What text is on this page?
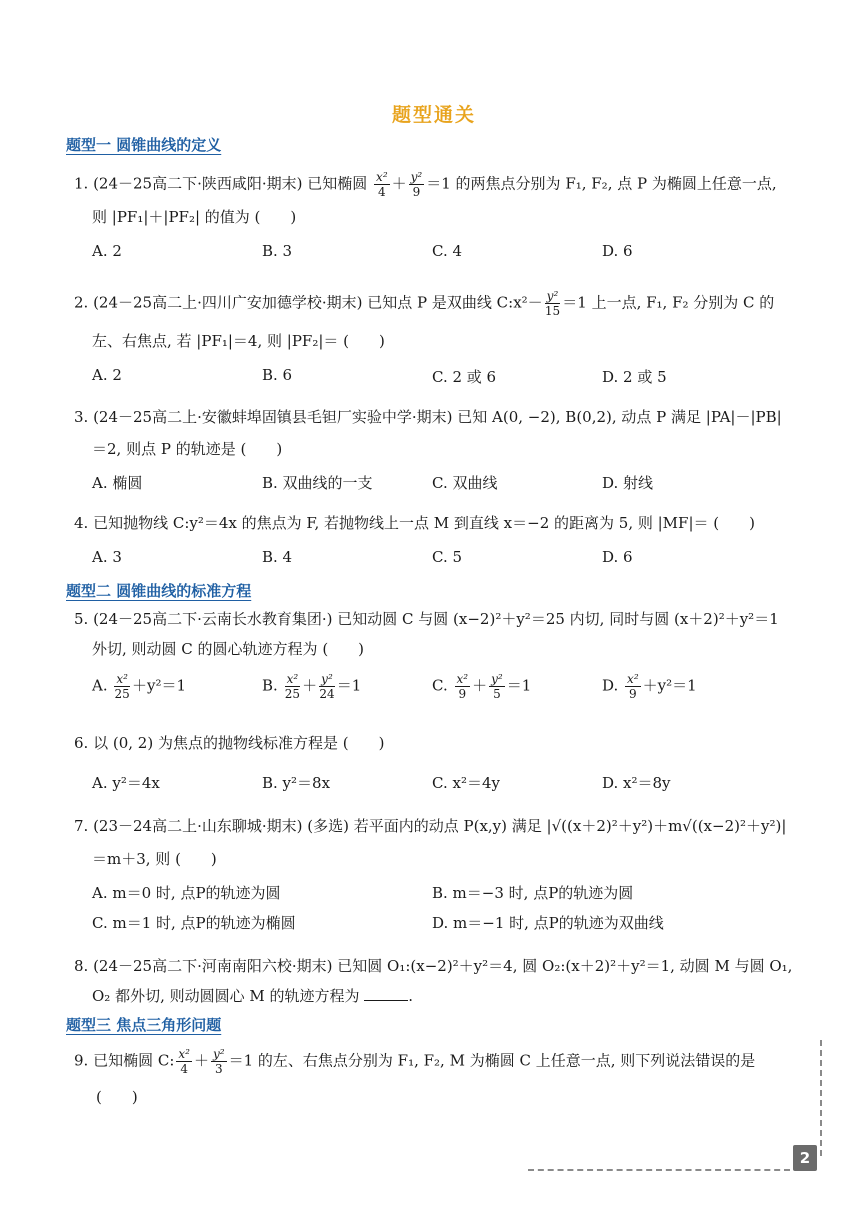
题型通关
题型一 圆锥曲线的定义
1. (24－25高二下·陕西咸阳·期末) 已知椭圆 $\frac{\text{x²}}{4} + \frac{\text{y²}}{9} =1$ 的两焦点分别为 F₁, F₂, 点 P 为椭圆上任意一点,
则 |PF₁|＋|PF₂| 的值为 (　　)
A. 2	B. 3	C. 4	D. 6
2. (24－25高二上·四川广安加德学校·期末) 已知点 P 是双曲线 C:x²－ $\frac{\text{y²}}{15} =1$ 上一点, F₁, F₂ 分别为 C 的
左、右焦点, 若 |PF₁|＝4, 则 |PF₂|＝ (　　)
A. 2	B. 6	C. 2 或 6	D. 2 或 5
3. (24－25高二上·安徽蚌埠固镇县毛钽厂实验中学·期末) 已知 A(0, −2), B(0,2), 动点 P 满足 |PA|－|PB|
＝2, 则点 P 的轨迹是 (　　)
A. 椭圆	B. 双曲线的一支	C. 双曲线	D. 射线
4. 已知抛物线 C:y²＝4x 的焦点为 F, 若抛物线上一点 M 到直线 x＝−2 的距离为 5, 则 |MF|＝ (　　)
A. 3	B. 4	C. 5	D. 6
题型二 圆锥曲线的标准方程
5. (24－25高二下·云南长水教育集团·) 已知动圆 C 与圆 (x−2)²＋y²＝25 内切, 同时与圆 (x＋2)²＋y²＝1
外切, 则动圆 C 的圆心轨迹方程为 (　　)
A. $\frac{\text{x²}}{25} +y^2=1$	B. $\frac{\text{x²}}{25} + \frac{\text{y²}}{24} =1$	C. $\frac{\text{x²}}{9} + \frac{\text{y²}}{5} =1$	D. $\frac{\text{x²}}{9} +y^2=1$
6. 以 (0, 2) 为焦点的抛物线标准方程是 (　　)
A. y²＝4x	B. y²＝8x	C. x²＝4y	D. x²＝8y
7. (23－24高二上·山东聊城·期末) (多选) 若平面内的动点 P(x,y) 满足 |√((x＋2)²＋y²)＋m√((x−2)²＋y²)|
＝m＋3, 则 (　　)
A. m＝0 时, 点P的轨迹为圆	B. m＝−3 时, 点P的轨迹为圆
C. m＝1 时, 点P的轨迹为椭圆	D. m＝−1 时, 点P的轨迹为双曲线
8. (24－25高二下·河南南阳六校·期末) 已知圆 O₁:(x−2)²＋y²＝4, 圆 O₂:(x＋2)²＋y²＝1, 动圆 M 与圆 O₁,
O₂ 都外切, 则动圆圆心 M 的轨迹方程为	.
题型三 焦点三角形问题
9. 已知椭圆 C: $\frac{\text{x²}}{4} + \frac{\text{y²}}{3} =1$ 的左、右焦点分别为 F₁, F₂, M 为椭圆 C 上任意一点, 则下列说法错误的是
(　　)
2
